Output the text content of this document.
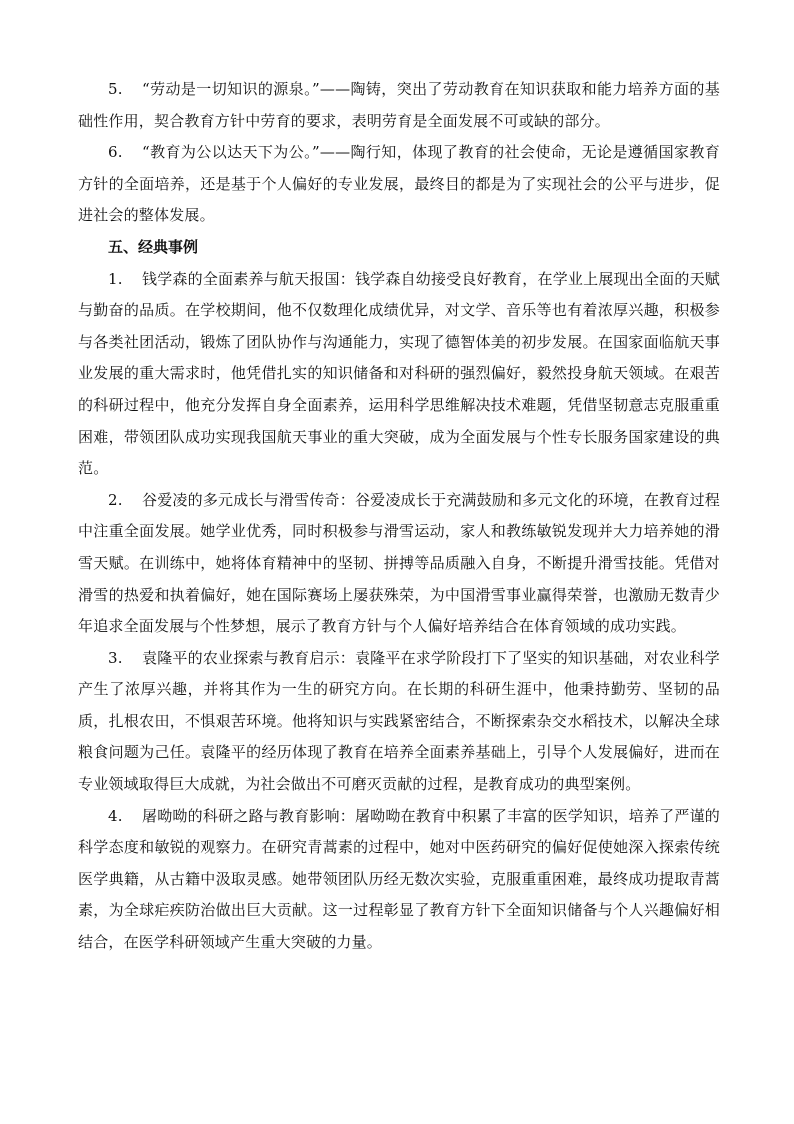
5. “劳动是一切知识的源泉。”——陶铸，突出了劳动教育在知识获取和能力培养方面的基础性作用，契合教育方针中劳育的要求，表明劳育是全面发展不可或缺的部分。

6. “教育为公以达天下为公。”——陶行知，体现了教育的社会使命，无论是遵循国家教育方针的全面培养，还是基于个人偏好的专业发展，最终目的都是为了实现社会的公平与进步，促进社会的整体发展。

五、经典事例

1. 钱学森的全面素养与航天报国：钱学森自幼接受良好教育，在学业上展现出全面的天赋与勤奋的品质。在学校期间，他不仅数理化成绩优异，对文学、音乐等也有着浓厚兴趣，积极参与各类社团活动，锻炼了团队协作与沟通能力，实现了德智体美的初步发展。在国家面临航天事业发展的重大需求时，他凭借扎实的知识储备和对科研的强烈偏好，毅然投身航天领域。在艰苦的科研过程中，他充分发挥自身全面素养，运用科学思维解决技术难题，凭借坚韧意志克服重重困难，带领团队成功实现我国航天事业的重大突破，成为全面发展与个性专长服务国家建设的典范。

2. 谷爱凌的多元成长与滑雪传奇：谷爱凌成长于充满鼓励和多元文化的环境，在教育过程中注重全面发展。她学业优秀，同时积极参与滑雪运动，家人和教练敏锐发现并大力培养她的滑雪天赋。在训练中，她将体育精神中的坚韧、拼搏等品质融入自身，不断提升滑雪技能。凭借对滑雪的热爱和执着偏好，她在国际赛场上屡获殊荣，为中国滑雪事业赢得荣誉，也激励无数青少年追求全面发展与个性梦想，展示了教育方针与个人偏好培养结合在体育领域的成功实践。

3. 袁隆平的农业探索与教育启示：袁隆平在求学阶段打下了坚实的知识基础，对农业科学产生了浓厚兴趣，并将其作为一生的研究方向。在长期的科研生涯中，他秉持勤劳、坚韧的品质，扎根农田，不惧艰苦环境。他将知识与实践紧密结合，不断探索杂交水稻技术，以解决全球粮食问题为己任。袁隆平的经历体现了教育在培养全面素养基础上，引导个人发展偏好，进而在专业领域取得巨大成就，为社会做出不可磨灭贡献的过程，是教育成功的典型案例。

4. 屠呦呦的科研之路与教育影响：屠呦呦在教育中积累了丰富的医学知识，培养了严谨的科学态度和敏锐的观察力。在研究青蒿素的过程中，她对中医药研究的偏好促使她深入探索传统医学典籍，从古籍中汲取灵感。她带领团队历经无数次实验，克服重重困难，最终成功提取青蒿素，为全球疟疾防治做出巨大贡献。这一过程彰显了教育方针下全面知识储备与个人兴趣偏好相结合，在医学科研领域产生重大突破的力量。
